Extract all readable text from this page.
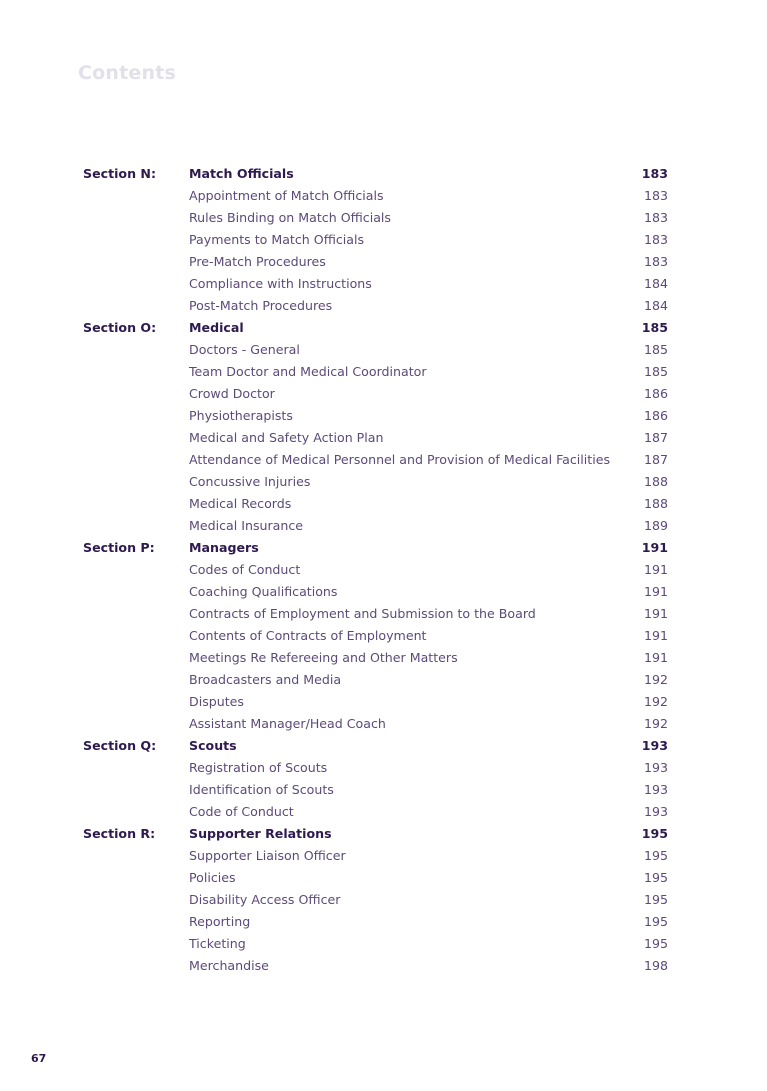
Contents
Section N:	Match Officials	183
Appointment of Match Officials	183
Rules Binding on Match Officials	183
Payments to Match Officials	183
Pre-Match Procedures	183
Compliance with Instructions	184
Post-Match Procedures	184
Section O:	Medical	185
Doctors - General	185
Team Doctor and Medical Coordinator	185
Crowd Doctor	186
Physiotherapists	186
Medical and Safety Action Plan	187
Attendance of Medical Personnel and Provision of Medical Facilities	187
Concussive Injuries	188
Medical Records	188
Medical Insurance	189
Section P:	Managers	191
Codes of Conduct	191
Coaching Qualifications	191
Contracts of Employment and Submission to the Board	191
Contents of Contracts of Employment	191
Meetings Re Refereeing and Other Matters	191
Broadcasters and Media	192
Disputes	192
Assistant Manager/Head Coach	192
Section Q:	Scouts	193
Registration of Scouts	193
Identification of Scouts	193
Code of Conduct	193
Section R:	Supporter Relations	195
Supporter Liaison Officer	195
Policies	195
Disability Access Officer	195
Reporting	195
Ticketing	195
Merchandise	198
67
